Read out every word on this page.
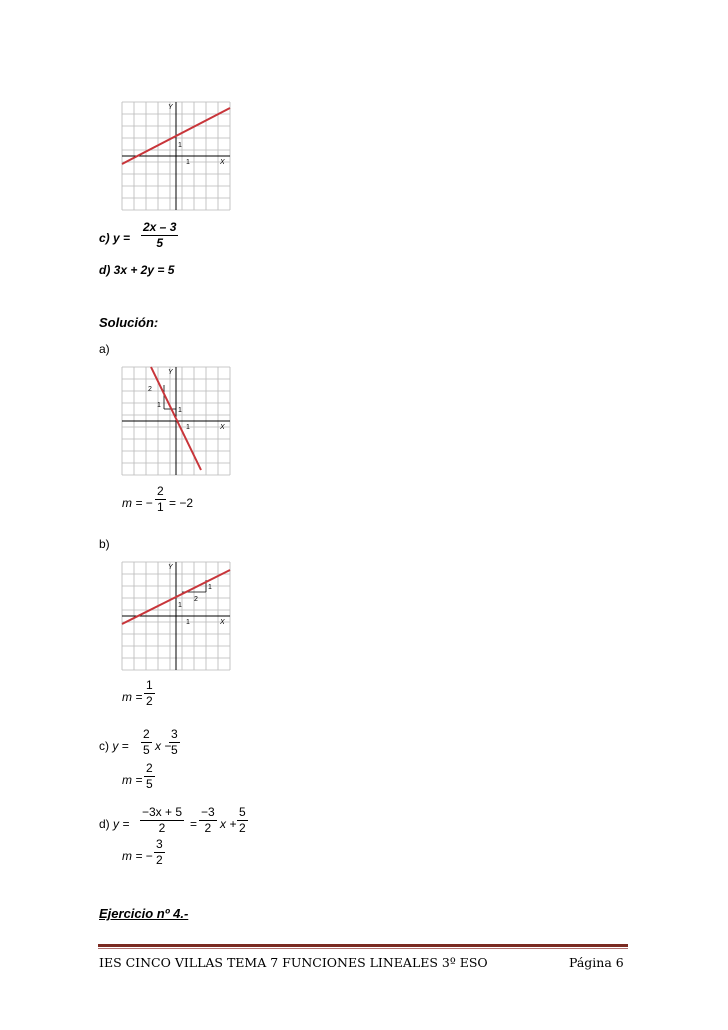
Y
X
1
1
c) y =
2x – 3
5
d) 3x + 2y = 5
Solución:
a)
Y
X
1
1
2
1
m = −
2
1 = −2
b)
Y
X
1
1
1
2
m =
1
2
c) y =
2
5 x −
3
5
m =
2
5
d) y =
−3x + 5
2	=
−3
2 x +
5
2
m = −
3
2
Ejercicio nº 4.-
IES CINCO VILLAS TEMA 7 FUNCIONES LINEALES 3º ESO	Página 6
